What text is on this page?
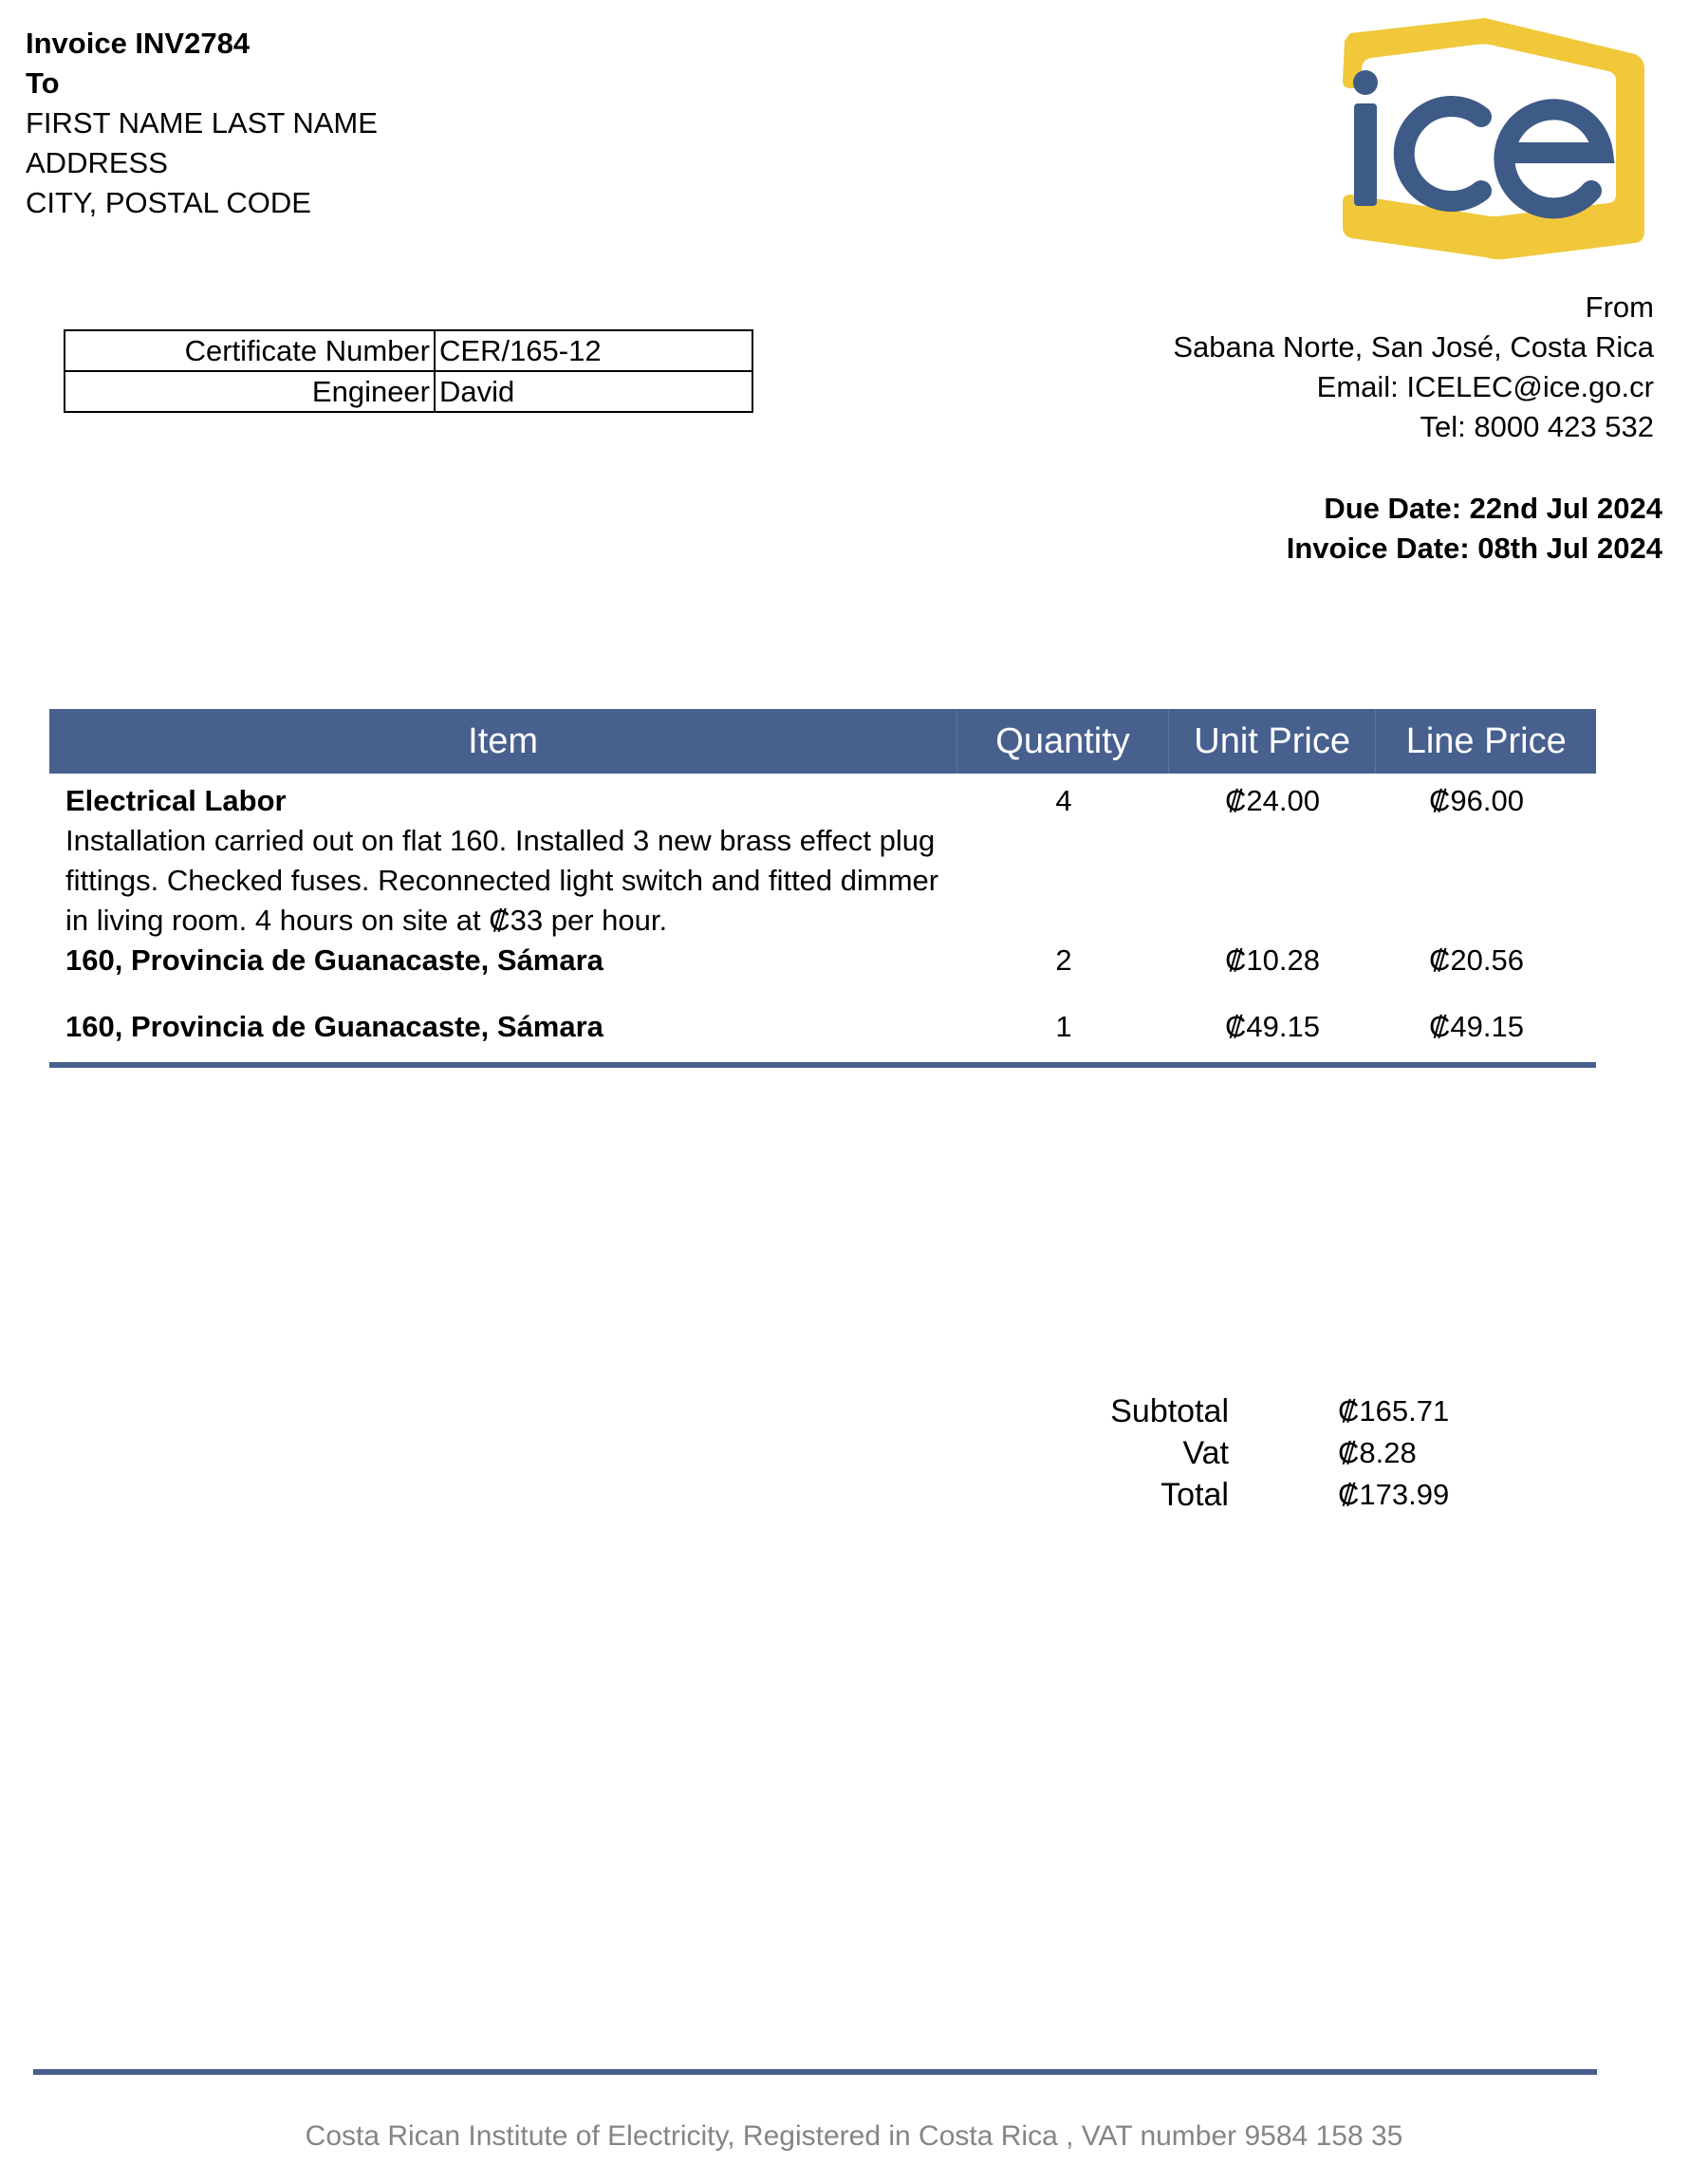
Invoice INV2784
To
FIRST NAME LAST NAME
ADDRESS
CITY, POSTAL CODE
Certificate Number	CER/165-12
Engineer	David
From
Sabana Norte, San José, Costa Rica
Email: ICELEC@ice.go.cr
Tel: 8000 423 532
Due Date: 22nd Jul 2024
Invoice Date: 08th Jul 2024
Item	Quantity	Unit Price	Line Price
Electrical Labor
Installation carried out on flat 160. Installed 3 new brass effect plug fittings. Checked fuses. Reconnected light switch and fitted dimmer in living room. 4 hours on site at ₡33 per hour.
4	₡24.00	₡96.00
160, Provincia de Guanacaste, Sámara	2	₡10.28	₡20.56
160, Provincia de Guanacaste, Sámara	1	₡49.15	₡49.15
Subtotal	₡165.71
Vat	₡8.28
Total	₡173.99
Costa Rican Institute of Electricity, Registered in Costa Rica , VAT number 9584 158 35
